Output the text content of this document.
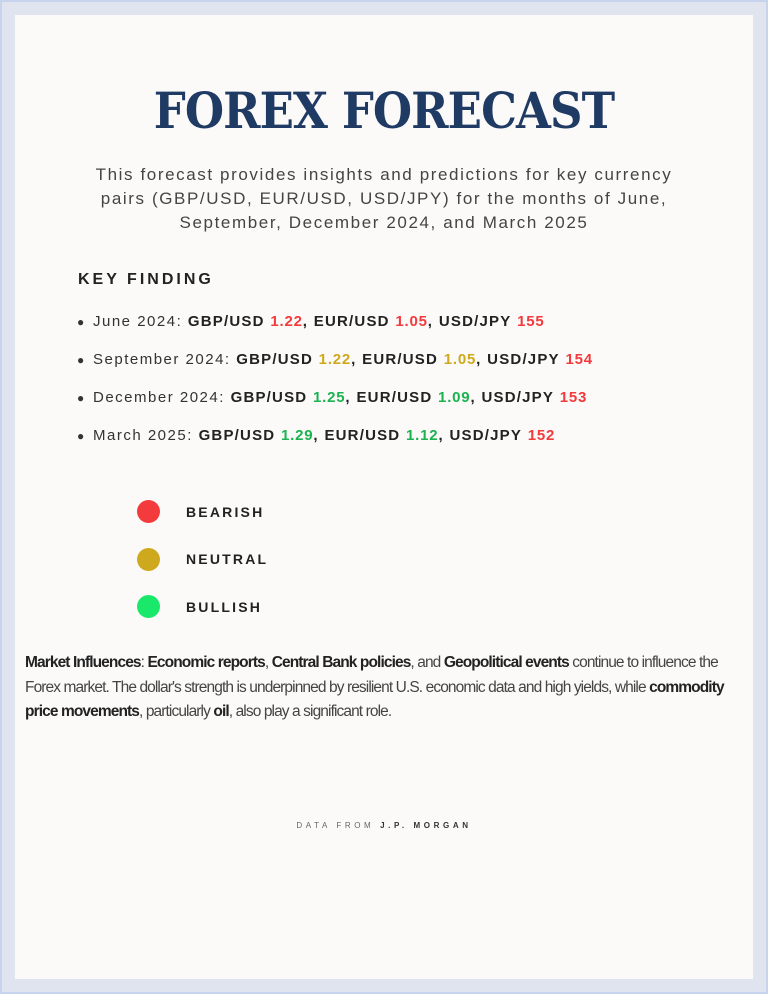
FOREX FORECAST
This forecast provides insights and predictions for key currency pairs (GBP/USD, EUR/USD, USD/JPY) for the months of June, September, December 2024, and March 2025
KEY FINDING
● June 2024: GBP/USD 1.22, EUR/USD 1.05, USD/JPY 155
● September 2024: GBP/USD 1.22, EUR/USD 1.05, USD/JPY 154
● December 2024: GBP/USD 1.25, EUR/USD 1.09, USD/JPY 153
● March 2025: GBP/USD 1.29, EUR/USD 1.12, USD/JPY 152
BEARISH
NEUTRAL
BULLISH
Market Influences: Economic reports, Central Bank policies, and Geopolitical events continue to influence the Forex market. The dollar's strength is underpinned by resilient U.S. economic data and high yields, while commodity price movements, particularly oil, also play a significant role.
DATA FROM J.P. MORGAN
